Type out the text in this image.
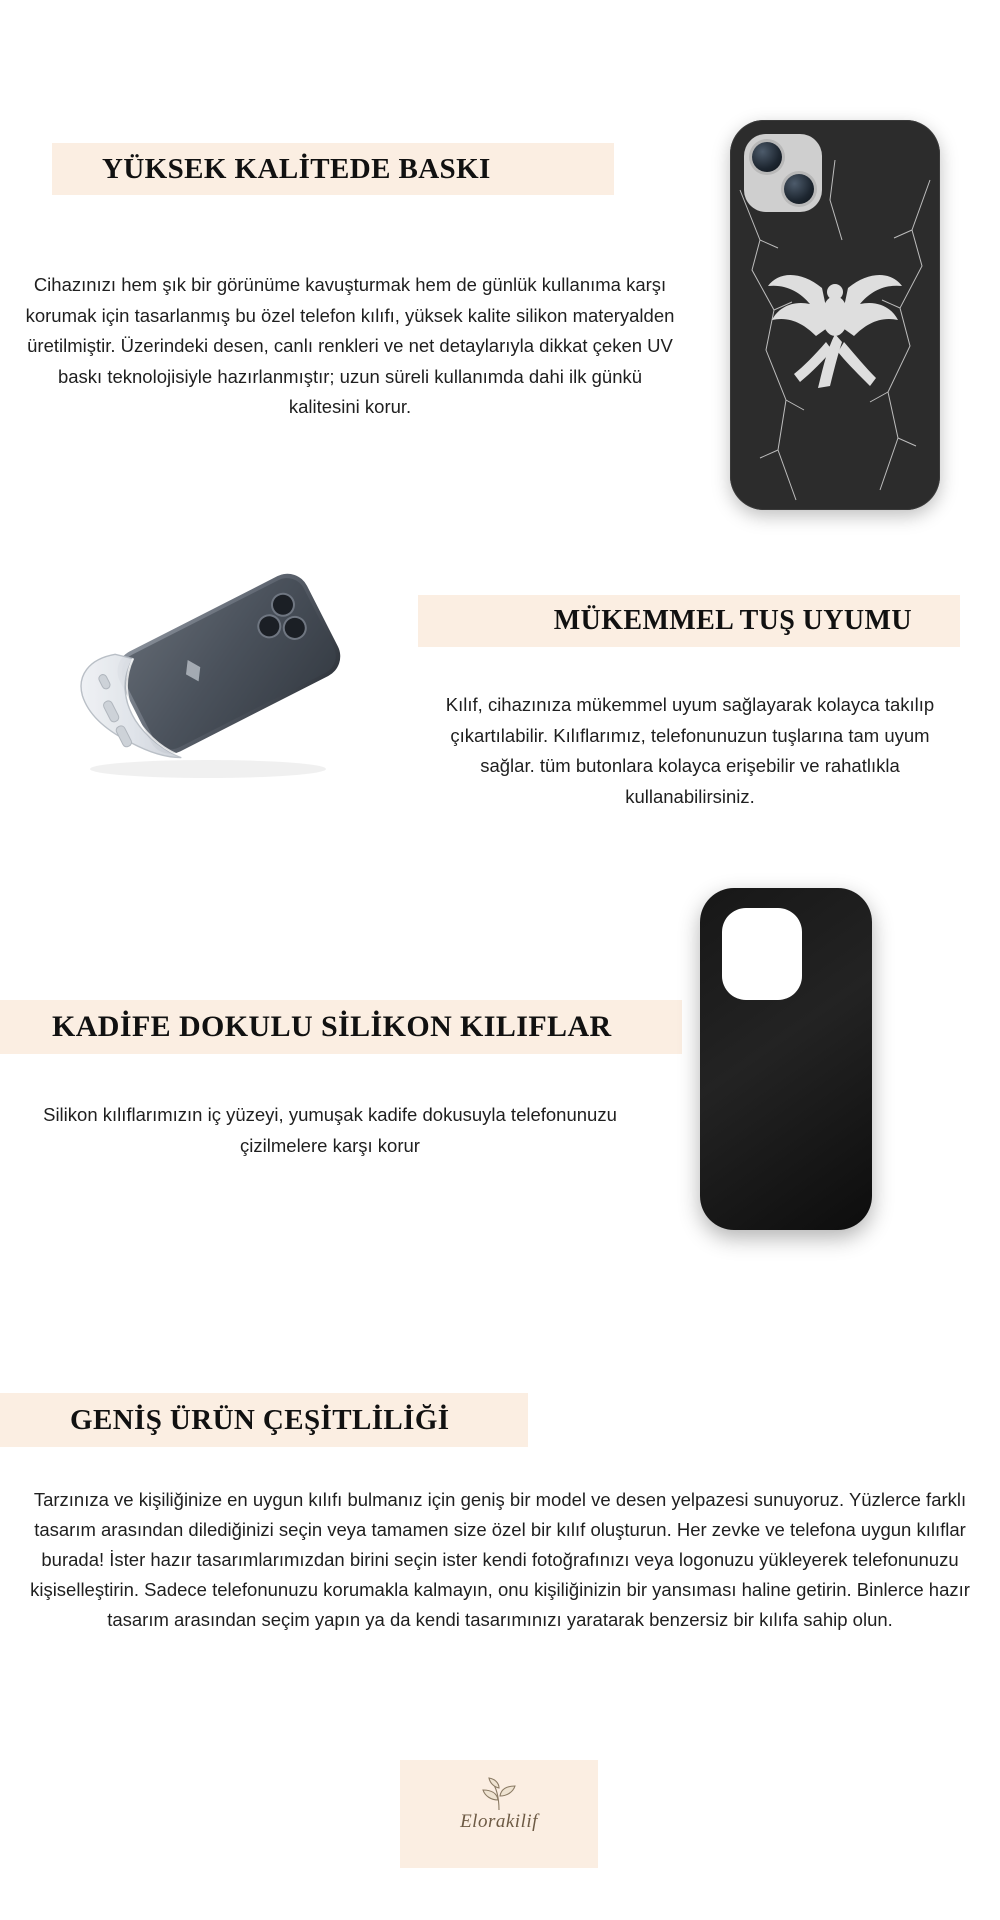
YÜKSEK KALİTEDE BASKI

Cihazınızı hem şık bir görünüme kavuşturmak hem de günlük kullanıma karşı korumak için tasarlanmış bu özel telefon kılıfı, yüksek kalite silikon materyalden üretilmiştir. Üzerindeki desen, canlı renkleri ve net detaylarıyla dikkat çeken UV baskı teknolojisiyle hazırlanmıştır; uzun süreli kullanımda dahi ilk günkü kalitesini korur.

MÜKEMMEL TUŞ UYUMU

Kılıf, cihazınıza mükemmel uyum sağlayarak kolayca takılıp çıkartılabilir. Kılıflarımız, telefonunuzun tuşlarına tam uyum sağlar. tüm butonlara kolayca erişebilir ve rahatlıkla kullanabilirsiniz.

KADİFE DOKULU SİLİKON KILIFLAR

Silikon kılıflarımızın iç yüzeyi, yumuşak kadife dokusuyla telefonunuzu çizilmelere karşı korur

GENİŞ ÜRÜN ÇEŞİTLİLİĞİ

Tarzınıza ve kişiliğinize en uygun kılıfı bulmanız için geniş bir model ve desen yelpazesi sunuyoruz. Yüzlerce farklı tasarım arasından dilediğinizi seçin veya tamamen size özel bir kılıf oluşturun. Her zevke ve telefona uygun kılıflar burada! İster hazır tasarımlarımızdan birini seçin ister kendi fotoğrafınızı veya logonuzu yükleyerek telefonunuzu kişiselleştirin. Sadece telefonunuzu korumakla kalmayın, onu kişiliğinizin bir yansıması haline getirin. Binlerce hazır tasarım arasından seçim yapın ya da kendi tasarımınızı yaratarak benzersiz bir kılıfa sahip olun.

Elorakilif
